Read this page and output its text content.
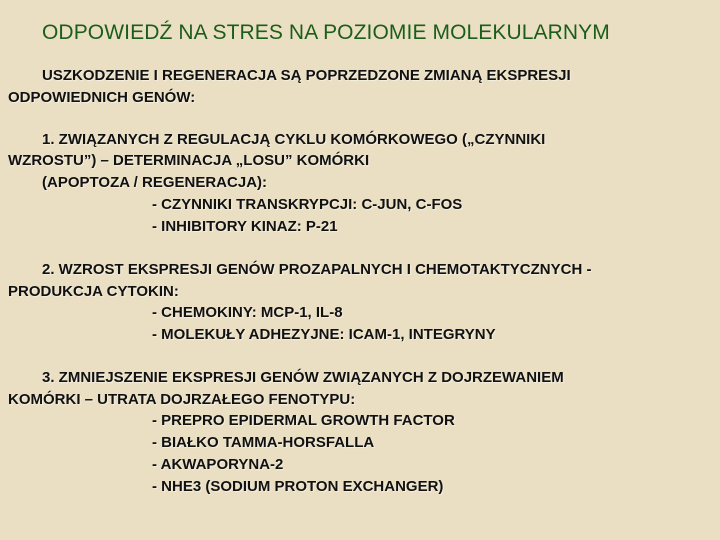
ODPOWIEDŹ NA STRES NA POZIOMIE MOLEKULARNYM
USZKODZENIE I REGENERACJA SĄ POPRZEDZONE ZMIANĄ EKSPRESJI
ODPOWIEDNICH GENÓW:
1. ZWIĄZANYCH Z REGULACJĄ CYKLU KOMÓRKOWEGO („CZYNNIKI
WZROSTU”) – DETERMINACJA „LOSU” KOMÓRKI
(APOPTOZA / REGENERACJA):
- CZYNNIKI TRANSKRYPCJI: C-JUN, C-FOS
- INHIBITORY KINAZ: P-21
2. WZROST EKSPRESJI GENÓW PROZAPALNYCH I CHEMOTAKTYCZNYCH -
PRODUKCJA CYTOKIN:
- CHEMOKINY: MCP-1, IL-8
- MOLEKUŁY ADHEZYJNE: ICAM-1, INTEGRYNY
3. ZMNIEJSZENIE EKSPRESJI GENÓW ZWIĄZANYCH Z DOJRZEWANIEM
KOMÓRKI – UTRATA DOJRZAŁEGO FENOTYPU:
- PREPRO EPIDERMAL GROWTH FACTOR
- BIAŁKO TAMMA-HORSFALLA
- AKWAPORYNA-2
- NHE3 (SODIUM PROTON EXCHANGER)
